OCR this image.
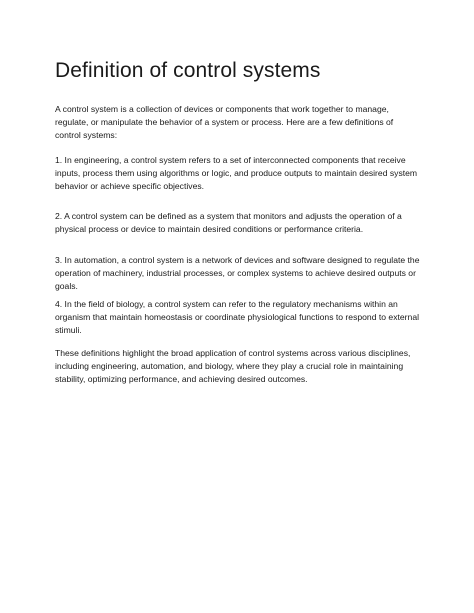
Definition of control systems

A control system is a collection of devices or components that work together to manage, regulate, or manipulate the behavior of a system or process. Here are a few definitions of control systems:

1. In engineering, a control system refers to a set of interconnected components that receive inputs, process them using algorithms or logic, and produce outputs to maintain desired system behavior or achieve specific objectives.

2. A control system can be defined as a system that monitors and adjusts the operation of a physical process or device to maintain desired conditions or performance criteria.

3. In automation, a control system is a network of devices and software designed to regulate the operation of machinery, industrial processes, or complex systems to achieve desired outputs or goals.

4. In the field of biology, a control system can refer to the regulatory mechanisms within an organism that maintain homeostasis or coordinate physiological functions to respond to external stimuli.

These definitions highlight the broad application of control systems across various disciplines, including engineering, automation, and biology, where they play a crucial role in maintaining stability, optimizing performance, and achieving desired outcomes.
